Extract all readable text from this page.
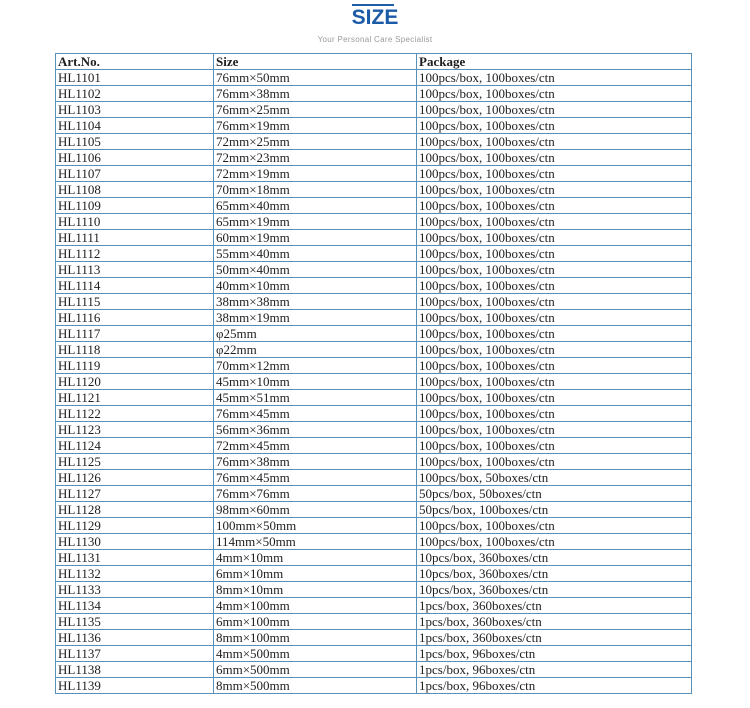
SIZE
Your Personal Care Specialist
Art.No.	Size	Package
HL1101	76mm×50mm	100pcs/box, 100boxes/ctn
HL1102	76mm×38mm	100pcs/box, 100boxes/ctn
HL1103	76mm×25mm	100pcs/box, 100boxes/ctn
HL1104	76mm×19mm	100pcs/box, 100boxes/ctn
HL1105	72mm×25mm	100pcs/box, 100boxes/ctn
HL1106	72mm×23mm	100pcs/box, 100boxes/ctn
HL1107	72mm×19mm	100pcs/box, 100boxes/ctn
HL1108	70mm×18mm	100pcs/box, 100boxes/ctn
HL1109	65mm×40mm	100pcs/box, 100boxes/ctn
HL1110	65mm×19mm	100pcs/box, 100boxes/ctn
HL1111	60mm×19mm	100pcs/box, 100boxes/ctn
HL1112	55mm×40mm	100pcs/box, 100boxes/ctn
HL1113	50mm×40mm	100pcs/box, 100boxes/ctn
HL1114	40mm×10mm	100pcs/box, 100boxes/ctn
HL1115	38mm×38mm	100pcs/box, 100boxes/ctn
HL1116	38mm×19mm	100pcs/box, 100boxes/ctn
HL1117	φ25mm	100pcs/box, 100boxes/ctn
HL1118	φ22mm	100pcs/box, 100boxes/ctn
HL1119	70mm×12mm	100pcs/box, 100boxes/ctn
HL1120	45mm×10mm	100pcs/box, 100boxes/ctn
HL1121	45mm×51mm	100pcs/box, 100boxes/ctn
HL1122	76mm×45mm	100pcs/box, 100boxes/ctn
HL1123	56mm×36mm	100pcs/box, 100boxes/ctn
HL1124	72mm×45mm	100pcs/box, 100boxes/ctn
HL1125	76mm×38mm	100pcs/box, 100boxes/ctn
HL1126	76mm×45mm	100pcs/box, 50boxes/ctn
HL1127	76mm×76mm	50pcs/box, 50boxes/ctn
HL1128	98mm×60mm	50pcs/box, 100boxes/ctn
HL1129	100mm×50mm	100pcs/box, 100boxes/ctn
HL1130	114mm×50mm	100pcs/box, 100boxes/ctn
HL1131	4mm×10mm	10pcs/box, 360boxes/ctn
HL1132	6mm×10mm	10pcs/box, 360boxes/ctn
HL1133	8mm×10mm	10pcs/box, 360boxes/ctn
HL1134	4mm×100mm	1pcs/box, 360boxes/ctn
HL1135	6mm×100mm	1pcs/box, 360boxes/ctn
HL1136	8mm×100mm	1pcs/box, 360boxes/ctn
HL1137	4mm×500mm	1pcs/box, 96boxes/ctn
HL1138	6mm×500mm	1pcs/box, 96boxes/ctn
HL1139	8mm×500mm	1pcs/box, 96boxes/ctn
